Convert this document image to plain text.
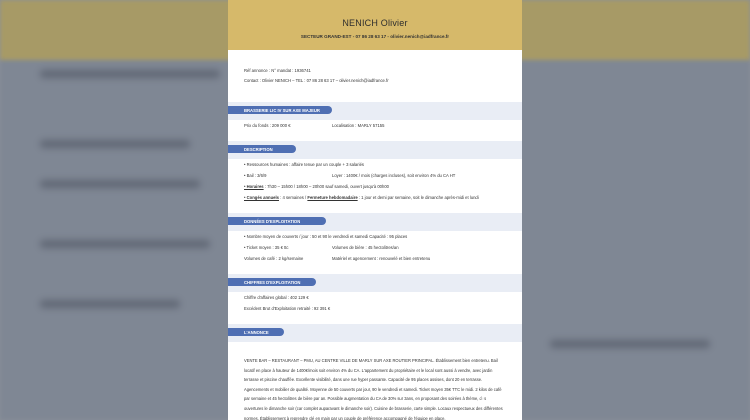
NENICH Olivier
SECTEUR GRAND-EST - 07 86 28 63 17 - olivier.nenich@iadfrance.fr
Réf annonce : N° mandat : 1936741
Contact : Olivier NENICH – TEL : 07 86 28 63 17 – olivier.nenich@iadfrance.fr
BRASSERIE LIC IV SUR AXE MAJEUR
Prix du fonds : 209 000 €	Localisation : MARLY 57155
DESCRIPTION
• Ressources humaines : affaire tenue par un couple + 3 salariés
• Bail : 3/6/9	Loyer : 1400€ / mois (charges incluses), soit environ 4% du CA HT
• Horaires : 7h30 – 15h00 / 18h00 – 20h00 sauf samedi, ouvert jusqu'à 00h00
• Congés annuels : 4 semaines / Fermeture hebdomadaire : 1 jour et demi par semaine, soit le dimanche après-midi et lundi
DONNÉES D'EXPLOITATION
• Nombre moyen de couverts / jour : 50 et 90 le vendredi et samedi Capacité : 95 places
• Ticket moyen : 35 € ttc	Volumes de bière : 45 hectolitres/an
Volumes de café : 2 kg/semaine	Matériel et agencement : renouvelé et bien entretenu
CHIFFRES D'EXPLOITATION
Chiffre d'affaires global : 402 129 €
Excédent Brut d'Exploitation retraité : 92 391 €
L'ANNONCE
VENTE BAR – RESTAURANT – PMU, AU CENTRE VILLE DE MARLY SUR AXE ROUTIER PRINCIPAL. Établissement bien entretenu. Bail locatif en place à hauteur de 1400€/mois soit environ 4% du CA. L'appartement du propriétaire et le local sont aussi à vendre, avec jardin terrasse et piscine chauffée. Excellente visibilité, dans une rue hyper passante. Capacité de 95 places assises, dont 20 en terrasse. Agencements et mobilier de qualité. Moyenne de 50 couverts par jour, 90 le vendredi et samedi. Ticket moyen 35€ TTC le midi. 2 kilos de café par semaine et 45 hectolitres de bière par an. Possible augmentation du CA de 30% sur 3ans, en proposant des soirées à thème, des ouvertures le dimanche soir (car complet auparavant le dimanche soir). Cuisine de brasserie, carte simple. Locaux respectueux des différentes normes. Établissement à reprendre clé en main par un couple de préférence accompagné de l'équipe en place.
iAD
